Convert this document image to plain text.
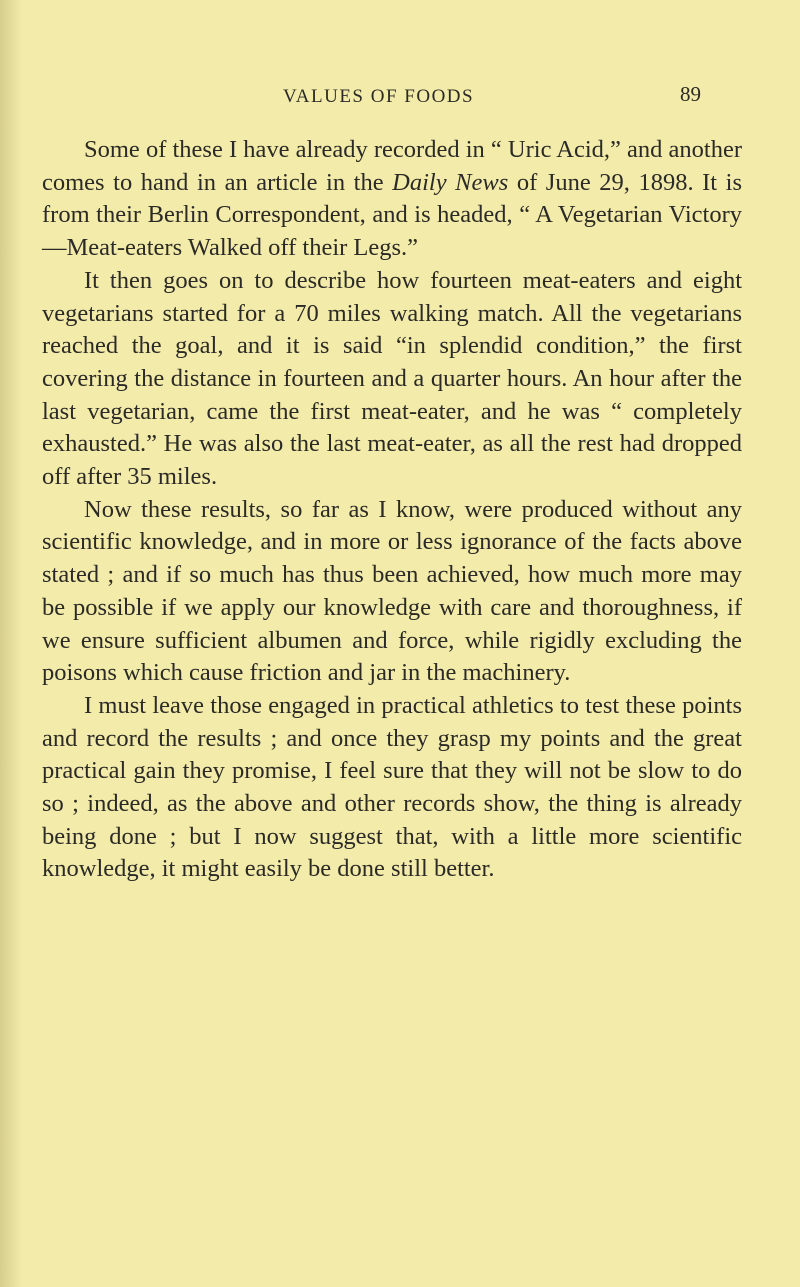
VALUES OF FOODS	89

Some of these I have already recorded in “ Uric Acid,” and another comes to hand in an article in the Daily News of June 29, 1898. It is from their Berlin Correspondent, and is headed, “ A Vegetarian Victory—Meat-eaters Walked off their Legs.”

It then goes on to describe how fourteen meat-eaters and eight vegetarians started for a 70 miles walking match. All the vegetarians reached the goal, and it is said “in splendid condition,” the first covering the distance in fourteen and a quarter hours. An hour after the last vegetarian, came the first meat-eater, and he was “ completely exhausted.” He was also the last meat-eater, as all the rest had dropped off after 35 miles.

Now these results, so far as I know, were produced without any scientific knowledge, and in more or less ignorance of the facts above stated ; and if so much has thus been achieved, how much more may be possible if we apply our knowledge with care and thoroughness, if we ensure sufficient albumen and force, while rigidly excluding the poisons which cause friction and jar in the machinery.

I must leave those engaged in practical athletics to test these points and record the results ; and once they grasp my points and the great practical gain they promise, I feel sure that they will not be slow to do so ; indeed, as the above and other records show, the thing is already being done ; but I now suggest that, with a little more scientific knowledge, it might easily be done still better.
